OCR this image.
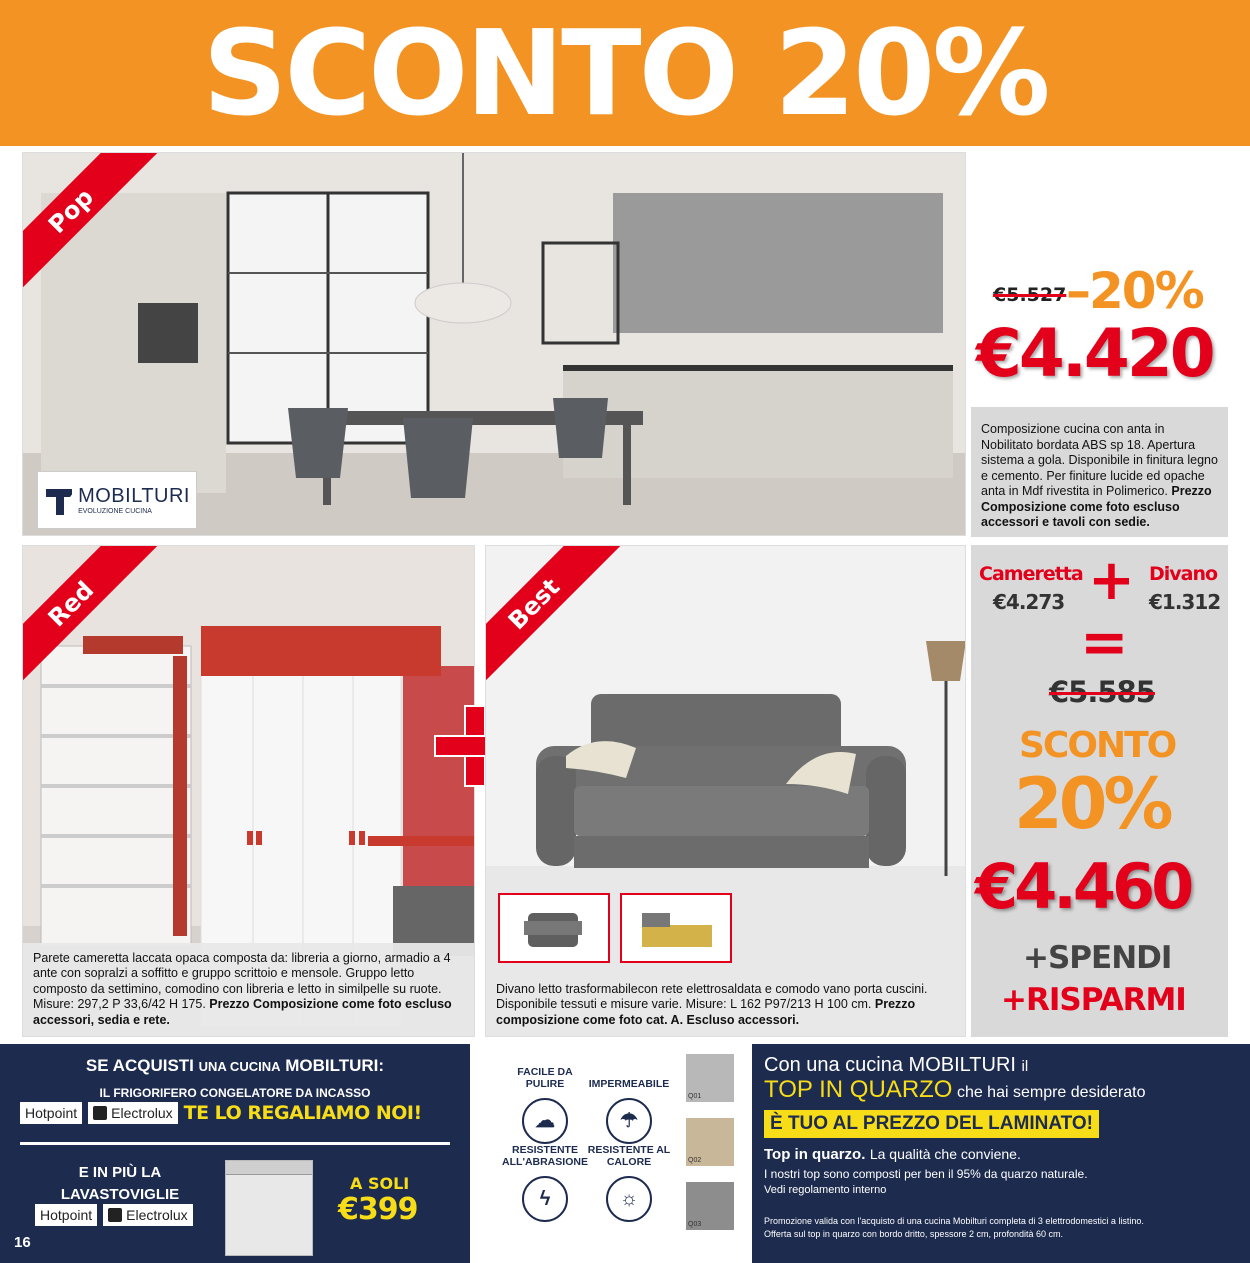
SCONTO 20%
Pop
MOBILTURI
EVOLUZIONE CUCINA
€5.527 –20%
€4.420
Composizione cucina con anta in Nobilitato bordata ABS sp 18. Apertura sistema a gola. Disponibile in finitura legno e cemento. Per finiture lucide ed opache anta in Mdf rivestita in Polimerico. Prezzo Composizione come foto escluso accessori e tavoli con sedie.
Red
Parete cameretta laccata opaca composta da: libreria a giorno, armadio a 4 ante con sopralzi a soffitto e gruppo scrittoio e mensole. Gruppo letto composto da settimino, comodino con libreria e letto in similpelle su ruote. Misure: 297,2 P 33,6/42 H 175. Prezzo Composizione come foto escluso accessori, sedia e rete.
Best
Divano letto trasformabilecon rete elettrosaldata e comodo vano porta cuscini. Disponibile tessuti e misure varie. Misure: L 162 P97/213 H 100 cm. Prezzo composizione come foto cat. A. Escluso accessori.
Cameretta
€4.273 + Divano
€1.312
=
€5.585
SCONTO
20%
€4.460
+SPENDI
+RISPARMI
SE ACQUISTI UNA CUCINA MOBILTURI:
IL FRIGORIFERO CONGELATORE DA INCASSO
Hotpoint	Electrolux TE LO REGALIAMO NOI!
E IN PIÙ LA
LAVASTOVIGLIE
Hotpoint	Electrolux
A SOLI
€399
16
FACILE DA PULIRE
☁
IMPERMEABILE
☂
RESISTENTE ALL'ABRASIONE
ϟ
RESISTENTE AL CALORE
☼
Q01
Q02
Q03
Con una cucina MOBILTURI il
TOP IN QUARZO che hai sempre desiderato
È TUO AL PREZZO DEL LAMINATO!
Top in quarzo. La qualità che conviene.
I nostri top sono composti per ben il 95% da quarzo naturale.
Vedi regolamento interno
Promozione valida con l'acquisto di una cucina Mobilturi completa di 3 elettrodomestici a listino.
Offerta sul top in quarzo con bordo dritto, spessore 2 cm, profondità 60 cm.
